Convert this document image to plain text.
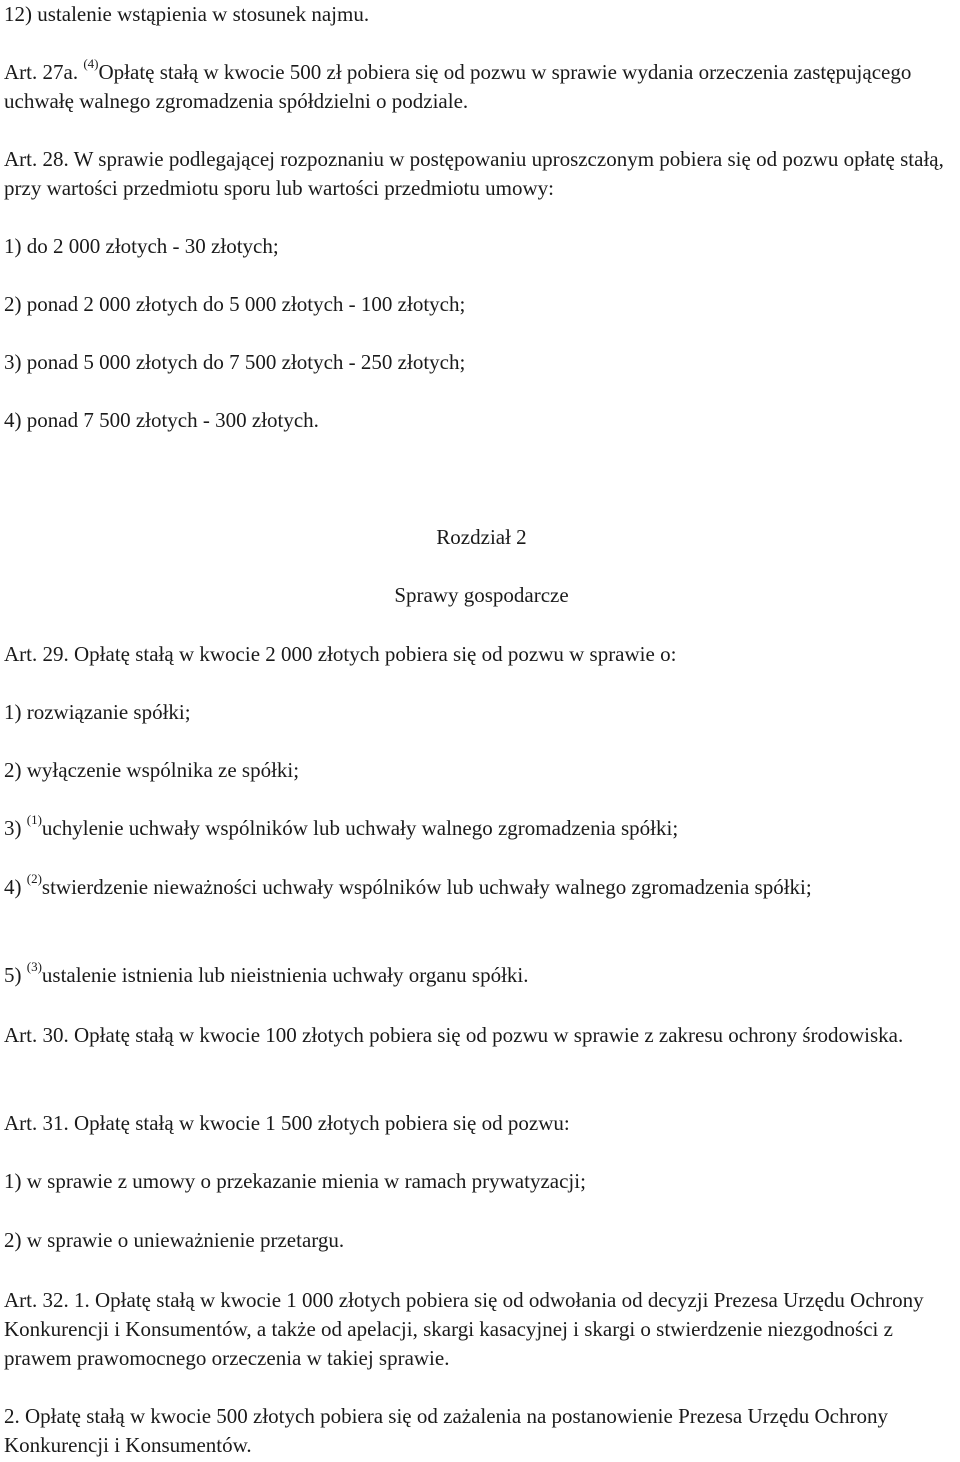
12) ustalenie wstąpienia w stosunek najmu.

Art. 27a. $^{(4)}$Opłatę stałą w kwocie 500 zł pobiera się od pozwu w sprawie wydania orzeczenia zastępującego uchwałę walnego zgromadzenia spółdzielni o podziale.

Art. 28. W sprawie podlegającej rozpoznaniu w postępowaniu uproszczonym pobiera się od pozwu opłatę stałą, przy wartości przedmiotu sporu lub wartości przedmiotu umowy:

1) do 2 000 złotych - 30 złotych;

2) ponad 2 000 złotych do 5 000 złotych - 100 złotych;

3) ponad 5 000 złotych do 7 500 złotych - 250 złotych;

4) ponad 7 500 złotych - 300 złotych.

Rozdział 2

Sprawy gospodarcze

Art. 29. Opłatę stałą w kwocie 2 000 złotych pobiera się od pozwu w sprawie o:

1) rozwiązanie spółki;

2) wyłączenie wspólnika ze spółki;

3) $^{(1)}$uchylenie uchwały wspólników lub uchwały walnego zgromadzenia spółki;

4) $^{(2)}$stwierdzenie nieważności uchwały wspólników lub uchwały walnego zgromadzenia spółki;

5) $^{(3)}$ustalenie istnienia lub nieistnienia uchwały organu spółki.

Art. 30. Opłatę stałą w kwocie 100 złotych pobiera się od pozwu w sprawie z zakresu ochrony środowiska.

Art. 31. Opłatę stałą w kwocie 1 500 złotych pobiera się od pozwu:

1) w sprawie z umowy o przekazanie mienia w ramach prywatyzacji;

2) w sprawie o unieważnienie przetargu.

Art. 32. 1. Opłatę stałą w kwocie 1 000 złotych pobiera się od odwołania od decyzji Prezesa Urzędu Ochrony Konkurencji i Konsumentów, a także od apelacji, skargi kasacyjnej i skargi o stwierdzenie niezgodności z prawem prawomocnego orzeczenia w takiej sprawie.

2. Opłatę stałą w kwocie 500 złotych pobiera się od zażalenia na postanowienie Prezesa Urzędu Ochrony Konkurencji i Konsumentów.
